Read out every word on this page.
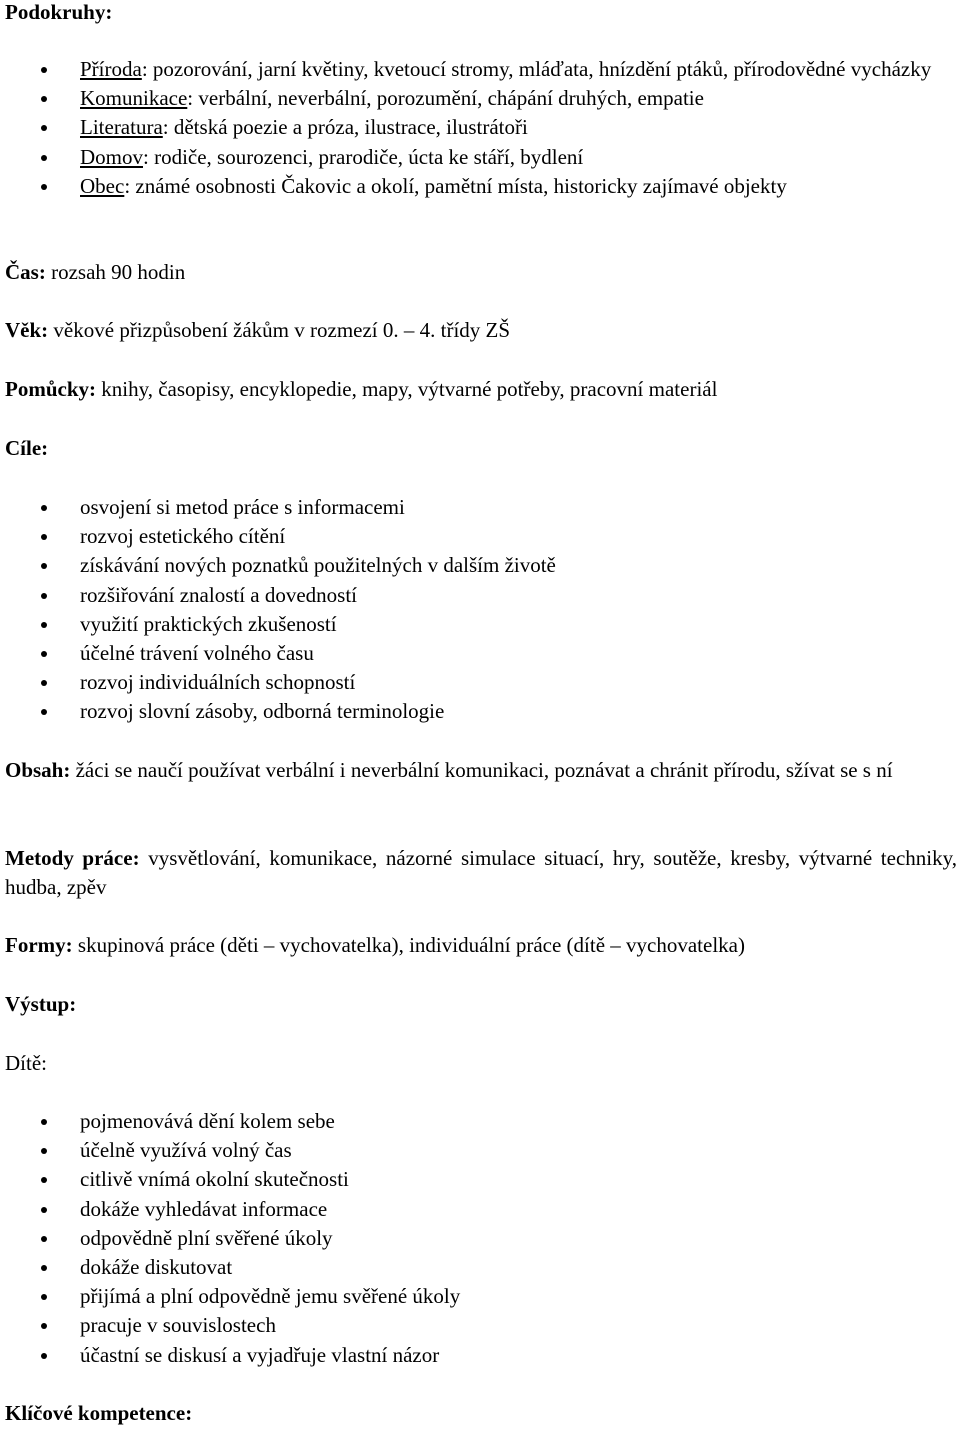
Podokruhy:
Příroda: pozorování, jarní květiny, kvetoucí stromy, mláďata, hnízdění ptáků, přírodovědné vycházky
Komunikace: verbální, neverbální, porozumění, chápání druhých, empatie
Literatura: dětská poezie a próza, ilustrace, ilustrátoři
Domov: rodiče, sourozenci, prarodiče, úcta ke stáří, bydlení
Obec: známé osobnosti Čakovic a okolí, pamětní místa, historicky zajímavé objekty
Čas: rozsah 90 hodin
Věk: věkové přizpůsobení žákům v rozmezí 0. – 4. třídy ZŠ
Pomůcky: knihy, časopisy, encyklopedie, mapy, výtvarné potřeby, pracovní materiál
Cíle:
osvojení si metod práce s informacemi
rozvoj estetického cítění
získávání nových poznatků použitelných v dalším životě
rozšiřování znalostí a dovedností
využití praktických zkušeností
účelné trávení volného času
rozvoj individuálních schopností
rozvoj slovní zásoby, odborná terminologie
Obsah: žáci se naučí používat verbální i neverbální komunikaci, poznávat a chránit přírodu, sžívat se s ní
Metody práce: vysvětlování, komunikace, názorné simulace situací, hry, soutěže, kresby, výtvarné techniky, hudba, zpěv
Formy: skupinová práce (děti – vychovatelka), individuální práce (dítě – vychovatelka)
Výstup:
Dítě:
pojmenovává dění kolem sebe
účelně využívá volný čas
citlivě vnímá okolní skutečnosti
dokáže vyhledávat informace
odpovědně plní svěřené úkoly
dokáže diskutovat
přijímá a plní odpovědně jemu svěřené úkoly
pracuje v souvislostech
účastní se diskusí a vyjadřuje vlastní názor
Klíčové kompetence:
